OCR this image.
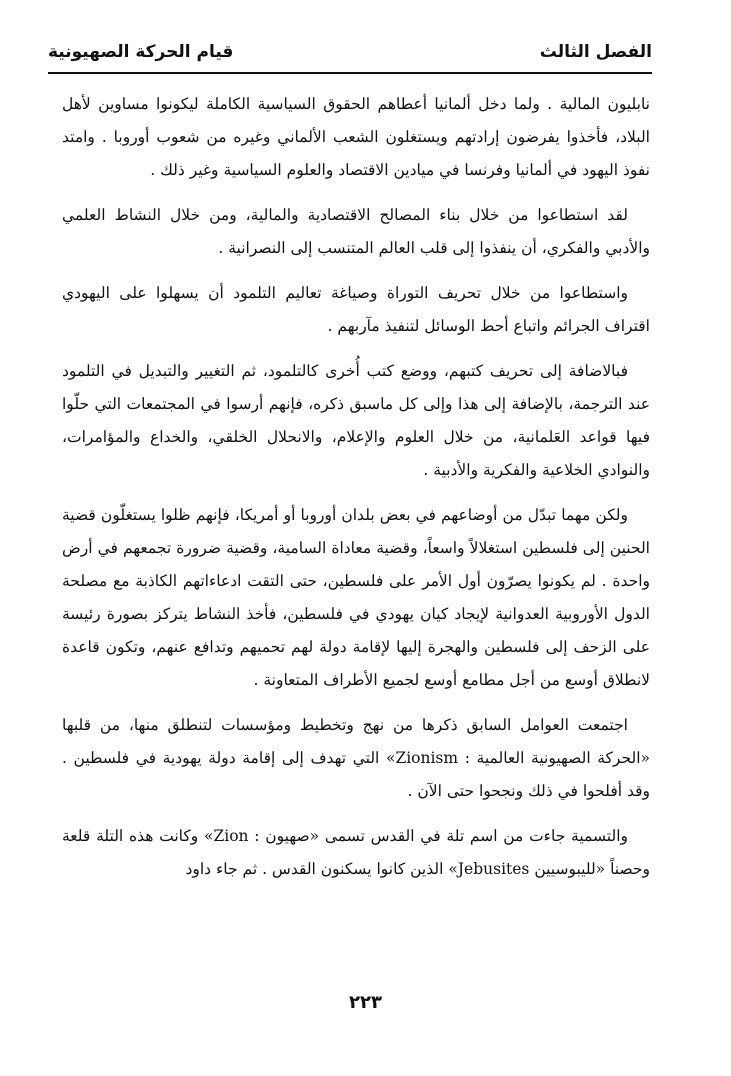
الفصل الثالث
قيام الحركة الصهيونية

نابليون المالية . ولما دخل ألمانيا أعطاهم الحقوق السياسية الكاملة ليكونوا مساوين لأهل البلاد، فأخذوا يفرضون إرادتهم ويستغلون الشعب الألماني وغيره من شعوب أوروبا . وامتد نفوذ اليهود في ألمانيا وفرنسا في ميادين الاقتصاد والعلوم السياسية وغير ذلك .

لقد استطاعوا من خلال بناء المصالح الاقتصادية والمالية، ومن خلال النشاط العلمي والأدبي والفكري، أن ينفذوا إلى قلب العالم المتنسب إلى النصرانية .

واستطاعوا من خلال تحريف التوراة وصياغة تعاليم التلمود أن يسهلوا على اليهودي اقتراف الجرائم واتباع أحط الوسائل لتنفيذ مآربهم .

فبالاضافة إلى تحريف كتبهم، ووضع كتب أُخرى كالتلمود، ثم التغيير والتبديل في التلمود عند الترجمة، بالإضافة إلى هذا وإلى كل ماسبق ذكره، فإنهم أرسوا في المجتمعات التي حلّوا فيها قواعد العَلمانية، من خلال العلوم والإعلام، والانحلال الخلقي، والخداع والمؤامرات، والنوادي الخلاعية والفكرية والأدبية .

ولكن مهما تبدّل من أوضاعهم في بعض بلدان أوروبا أو أمريكا، فإنهم ظلوا يستغلّون قضية الحنين إلى فلسطين استغلالاً واسعاً، وقضية معاداة السامية، وقضية ضرورة تجمعهم في أرض واحدة . لم يكونوا يصرّون أول الأمر على فلسطين، حتى التقت ادعاءاتهم الكاذبة مع مصلحة الدول الأوروبية العدوانية لإيجاد كيان يهودي في فلسطين، فأخذ النشاط يتركز بصورة رئيسة على الزحف إلى فلسطين والهجرة إليها لإقامة دولة لهم تحميهم وتدافع عنهم، وتكون قاعدة لانطلاق أوسع من أجل مطامع أوسع لجميع الأطراف المتعاونة .

اجتمعت العوامل السابق ذكرها من نهج وتخطيط ومؤسسات لتنطلق منها، من قلبها «الحركة الصهيونية العالمية : Zionism» التي تهدف إلى إقامة دولة يهودية في فلسطين . وقد أفلحوا في ذلك ونجحوا حتى الآن .

والتسمية جاءت من اسم تلة في القدس تسمى «صهيون : Zion» وكانت هذه التلة قلعة وحصناً «لليبوسيين Jebusites» الذين كانوا يسكنون القدس . ثم جاء داود

٢٢٣
